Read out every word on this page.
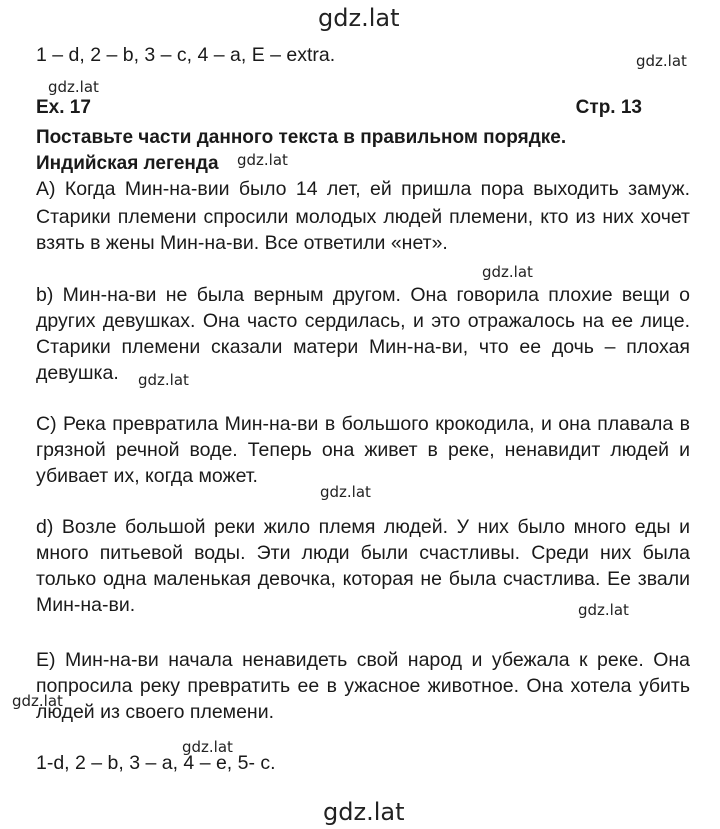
gdz.lat
gdz.lat
gdz.lat
gdz.lat
gdz.lat
gdz.lat
gdz.lat
gdz.lat
gdz.lat
gdz.lat
gdz.lat
1 – d, 2 – b, 3 – c, 4 – a, E – extra.
Ex. 17	Стр. 13
Поставьте части данного текста в правильном порядке.
Индийская легенда
A) Когда Мин-на-вии было 14 лет, ей пришла пора выходить замуж.
Старики племени спросили молодых людей племени, кто из них хочет
взять в жены Мин-на-ви. Все ответили «нет».
b) Мин-на-ви не была верным другом. Она говорила плохие вещи о
других девушках. Она часто сердилась, и это отражалось на ее лице.
Старики племени сказали матери Мин-на-ви, что ее дочь – плохая
девушка.
C) Река превратила Мин-на-ви в большого крокодила, и она плавала в
грязной речной воде. Теперь она живет в реке, ненавидит людей и
убивает их, когда может.
d) Возле большой реки жило племя людей. У них было много еды и
много питьевой воды. Эти люди были счастливы. Среди них была
только одна маленькая девочка, которая не была счастлива. Ее звали
Мин-на-ви.
E) Мин-на-ви начала ненавидеть свой народ и убежала к реке. Она
попросила реку превратить ее в ужасное животное. Она хотела убить
людей из своего племени.
1-d, 2 – b, 3 – a, 4 – e, 5- c.
